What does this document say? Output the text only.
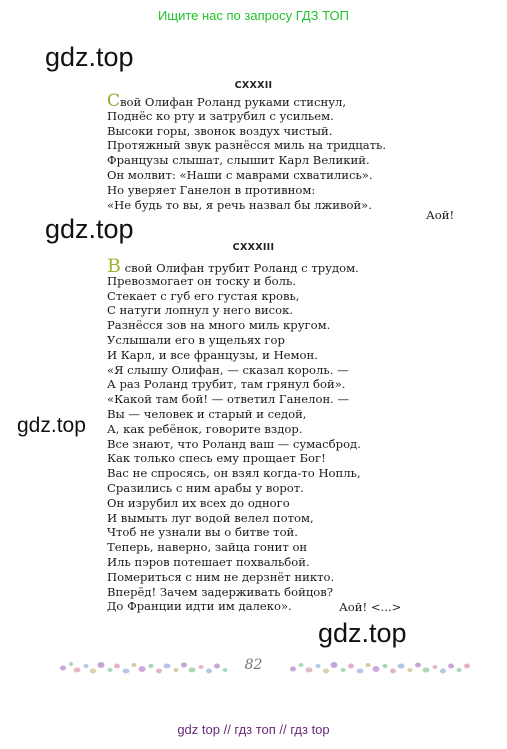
Ищите нас по запросу ГДЗ ТОП
gdz.top
gdz.top
gdz.top
gdz.top
CXXXII
Свой Олифан Роланд руками стиснул,
Поднёс ко рту и затрубил с усильем.
Высоки горы, звонок воздух чистый.
Протяжный звук разнёсся миль на тридцать.
Французы слышат, слышит Карл Великий.
Он молвит: «Наши с маврами схватились».
Но уверяет Ганелон в противном:
«Не будь то вы, я речь назвал бы лживой».
Аой!
CXXXIII
В свой Олифан трубит Роланд с трудом.
Превозмогает он тоску и боль.
Стекает с губ его густая кровь,
С натуги лопнул у него висок.
Разнёсся зов на много миль кругом.
Услышали его в ущельях гор
И Карл, и все французы, и Немон.
«Я слышу Олифан, — сказал король. —
А раз Роланд трубит, там грянул бой».
«Какой там бой! — ответил Ганелон. —
Вы — человек и старый и седой,
А, как ребёнок, говорите вздор.
Все знают, что Роланд ваш — сумасброд.
Как только спесь ему прощает Бог!
Вас не спросясь, он взял когда-то Нопль,
Сразились с ним арабы у ворот.
Он изрубил их всех до одного
И вымыть луг водой велел потом,
Чтоб не узнали вы о битве той.
Теперь, наверно, зайца гонит он
Иль пэров потешает похвальбой.
Помериться с ним не дерзнёт никто.
Вперёд! Зачем задерживать бойцов?
До Франции идти им далеко».	Аой! <...>
82
gdz top // гдз топ // гдз top
